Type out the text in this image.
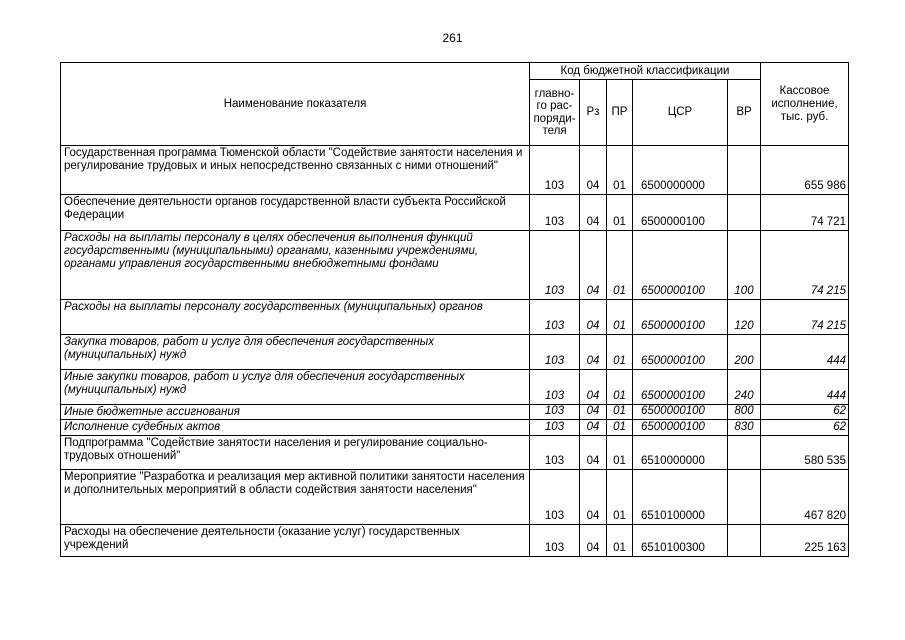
261
Наименование показателя	Код бюджетной классификации					Кассовое исполнение, тыс. руб.
	главно-го рас-поряди-теля	Рз	ПР	ЦСР	ВР	
Государственная программа Тюменской области "Содействие занятости населения и регулирование трудовых и иных непосредственно связанных с ними отношений"	103	04	01	6500000000		655 986
Обеспечение деятельности органов государственной власти субъекта Российской Федерации	103	04	01	6500000100		74 721
Расходы на выплаты персоналу в целях обеспечения выполнения функций государственными (муниципальными) органами, казенными учреждениями, органами управления государственными внебюджетными фондами	103	04	01	6500000100	100	74 215
Расходы на выплаты персоналу государственных (муниципальных) органов	103	04	01	6500000100	120	74 215
Закупка товаров, работ и услуг для обеспечения государственных (муниципальных) нужд	103	04	01	6500000100	200	444
Иные закупки товаров, работ и услуг для обеспечения государственных (муниципальных) нужд	103	04	01	6500000100	240	444
Иные бюджетные ассигнования	103	04	01	6500000100	800	62
Исполнение судебных актов	103	04	01	6500000100	830	62
Подпрограмма "Содействие занятости населения и регулирование социально-трудовых отношений"	103	04	01	6510000000		580 535
Мероприятие "Разработка и реализация мер активной политики занятости населения и дополнительных мероприятий в области содействия занятости населения"	103	04	01	6510100000		467 820
Расходы на обеспечение деятельности (оказание услуг) государственных учреждений	103	04	01	6510100300		225 163
